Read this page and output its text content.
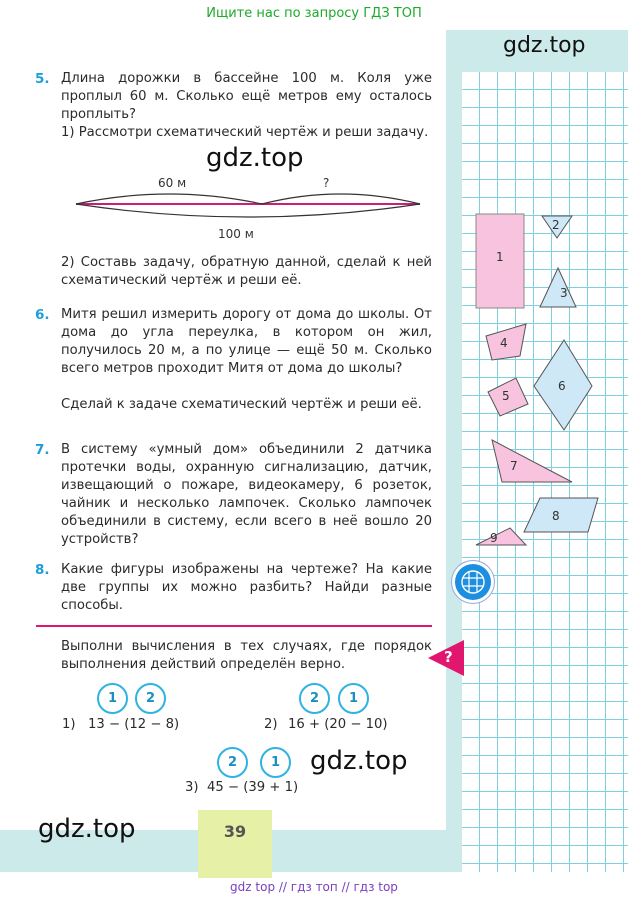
Ищите нас по запросу ГДЗ ТОП
gdz.top
5. Длина дорожки в бассейне 100 м. Коля уже проплыл 60 м. Сколько ещё метров ему осталось проплыть?

1) Рассмотри схематический чертёж и реши задачу.

gdz.top
60 м	?
100 м

2) Составь задачу, обратную данной, сделай к ней схематический чертёж и реши её.

6. Митя решил измерить дорогу от дома до школы. От дома до угла переулка, в котором он жил, получилось 20 м, а по улице — ещё 50 м. Сколько всего метров проходит Митя от дома до школы?

Сделай к задаче схематический чертёж и реши её.

7. В систему «умный дом» объединили 2 датчика протечки воды, охранную сигнализацию, датчик, извещающий о пожаре, видеокамеру, 6 розеток, чайник и несколько лампочек. Сколько лампочек объединили в систему, если всего в неё вошло 20 устройств?

8. Какие фигуры изображены на чертеже? На какие две группы их можно разбить? Найди разные способы.

Выполни вычисления в тех случаях, где порядок выполнения действий определён верно.

1	2
1) 13 − (12 − 8)
2	1
2) 16 + (20 − 10)
2	1
3) 45 − (39 + 1)
gdz.top
gdz.top	39
?
1
2
3
4
6
5
7
8
9
gdz top // гдз топ // гдз top
